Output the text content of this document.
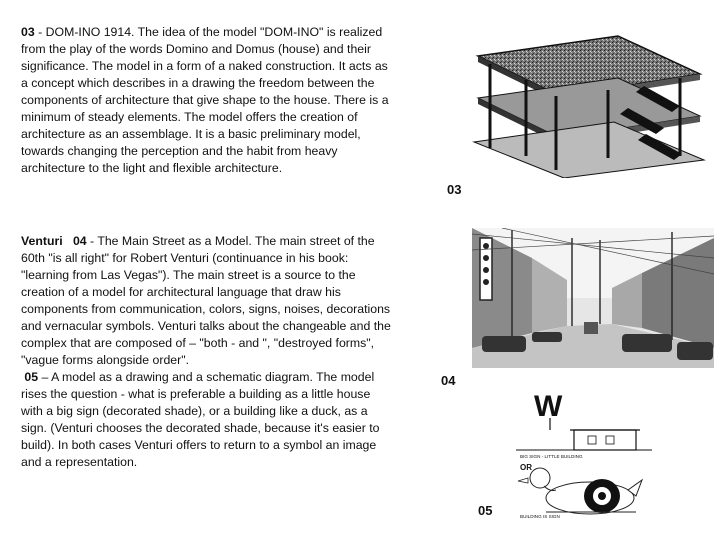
03 - DOM-INO 1914. The idea of the model "DOM-INO" is realized from the play of the words Domino and Domus (house) and their significance. The model in a form of a naked construction. It acts as a concept which describes in a drawing the freedom between the components of architecture that give shape to the house. There is a minimum of steady elements. The model offers the creation of architecture as an assemblage. It is a basic preliminary model, towards changing the perception and the habit from heavy architecture to the light and flexible architecture.

Venturi 04 - The Main Street as a Model. The main street of the 60th "is all right" for Robert Venturi (continuance in his book: "learning from Las Vegas"). The main street is a source to the creation of a model for architectural language that draw his components from communication, colors, signs, noises, decorations and vernacular symbols. Venturi talks about the changeable and the complex that are composed of – "both - and ", "destroyed forms", "vague forms alongside order".
05 – A model as a drawing and a schematic diagram. The model rises the question - what is preferable a building as a little house with a big sign (decorated shade), or a building like a duck, as a sign. (Venturi chooses the decorated shade, because it's easier to build). In both cases Venturi offers to return to a symbol an image and a representation.

03
04
W
BIG SIGN - LITTLE BUILDING
OR
BUILDING IS SIGN
05
